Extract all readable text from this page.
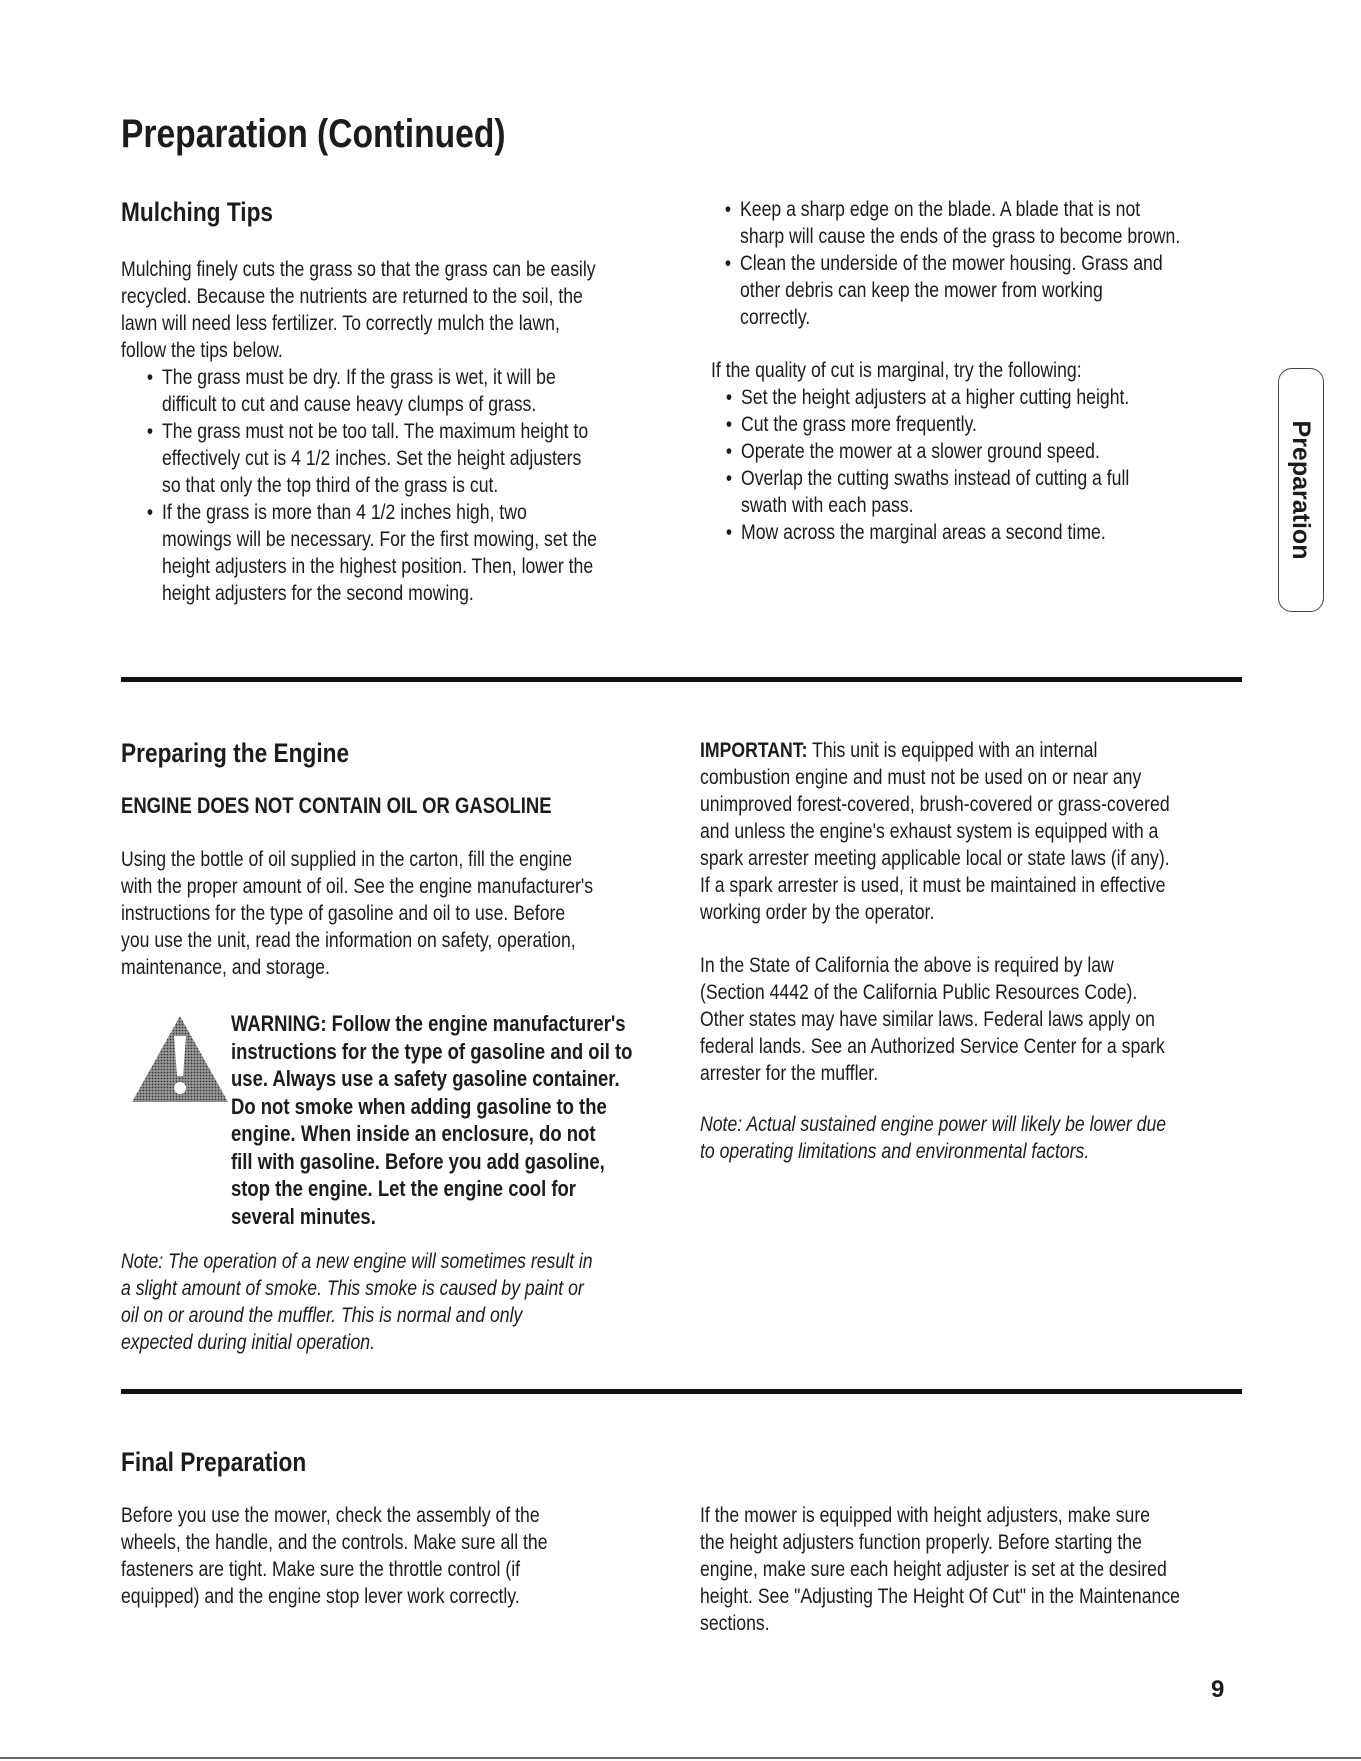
Preparation (Continued)
Preparation
Mulching Tips

Mulching finely cuts the grass so that the grass can be easily

recycled. Because the nutrients are returned to the soil, the

lawn will need less fertilizer. To correctly mulch the lawn,

follow the tips below.

• The grass must be dry. If the grass is wet, it will be

difficult to cut and cause heavy clumps of grass.

• The grass must not be too tall. The maximum height to

effectively cut is 4 1/2 inches. Set the height adjusters

so that only the top third of the grass is cut.

• If the grass is more than 4 1/2 inches high, two

mowings will be necessary. For the first mowing, set the

height adjusters in the highest position. Then, lower the

height adjusters for the second mowing.

• Keep a sharp edge on the blade. A blade that is not

sharp will cause the ends of the grass to become brown.

• Clean the underside of the mower housing. Grass and

other debris can keep the mower from working

correctly.

If the quality of cut is marginal, try the following:

• Set the height adjusters at a higher cutting height.

• Cut the grass more frequently.

• Operate the mower at a slower ground speed.

• Overlap the cutting swaths instead of cutting a full

swath with each pass.

• Mow across the marginal areas a second time.

Preparing the Engine
ENGINE DOES NOT CONTAIN OIL OR GASOLINE

Using the bottle of oil supplied in the carton, fill the engine

with the proper amount of oil. See the engine manufacturer's

instructions for the type of gasoline and oil to use. Before

you use the unit, read the information on safety, operation,

maintenance, and storage.

WARNING: Follow the engine manufacturer's

instructions for the type of gasoline and oil to

use. Always use a safety gasoline container.

Do not smoke when adding gasoline to the

engine. When inside an enclosure, do not

fill with gasoline. Before you add gasoline,

stop the engine. Let the engine cool for

several minutes.

Note: The operation of a new engine will sometimes result in

a slight amount of smoke. This smoke is caused by paint or

oil on or around the muffler. This is normal and only

expected during initial operation.

IMPORTANT: This unit is equipped with an internal

combustion engine and must not be used on or near any

unimproved forest-covered, brush-covered or grass-covered

and unless the engine's exhaust system is equipped with a

spark arrester meeting applicable local or state laws (if any).

If a spark arrester is used, it must be maintained in effective

working order by the operator.

In the State of California the above is required by law

(Section 4442 of the California Public Resources Code).

Other states may have similar laws. Federal laws apply on

federal lands. See an Authorized Service Center for a spark

arrester for the muffler.

Note: Actual sustained engine power will likely be lower due

to operating limitations and environmental factors.

Final Preparation

Before you use the mower, check the assembly of the

wheels, the handle, and the controls. Make sure all the

fasteners are tight. Make sure the throttle control (if

equipped) and the engine stop lever work correctly.

If the mower is equipped with height adjusters, make sure

the height adjusters function properly. Before starting the

engine, make sure each height adjuster is set at the desired

height. See "Adjusting The Height Of Cut" in the Maintenance

sections.

9
